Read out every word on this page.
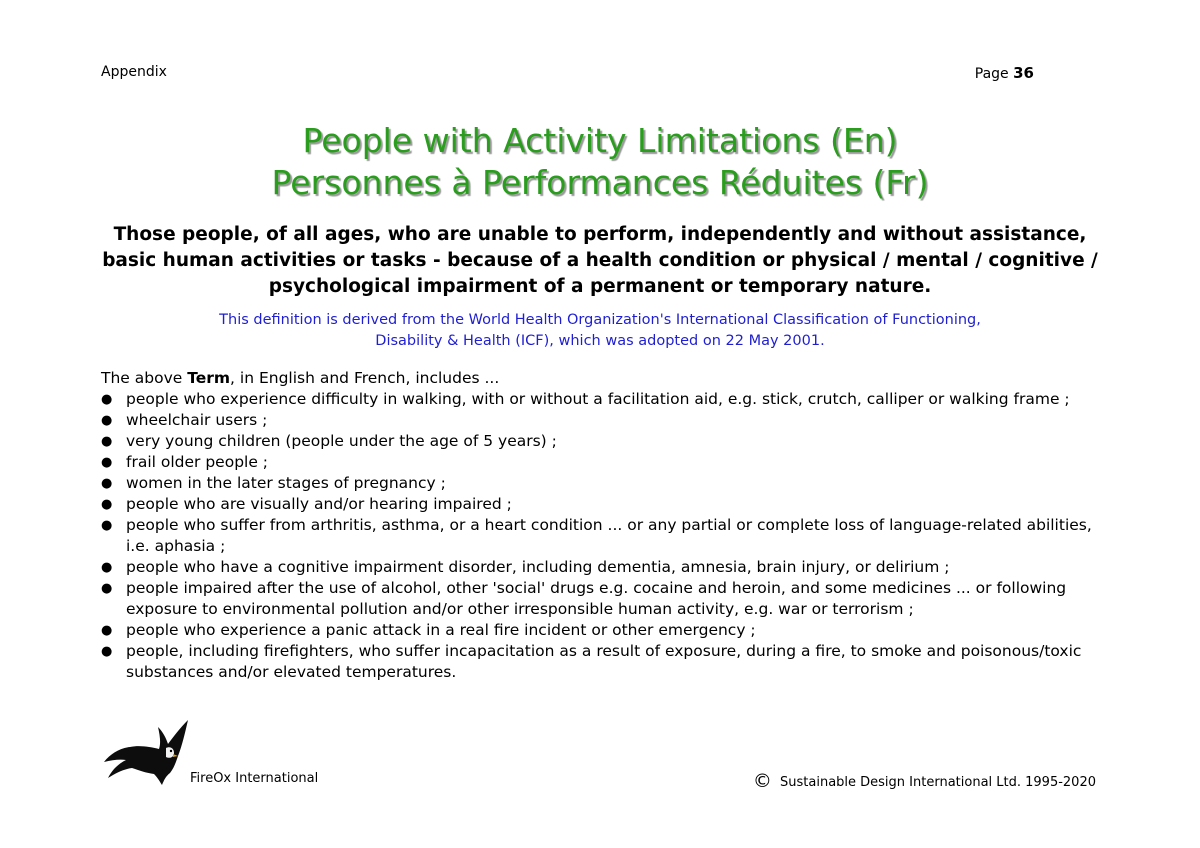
Appendix	Page 36
People with Activity Limitations (En)
Personnes à Performances Réduites (Fr)
Those people, of all ages, who are unable to perform, independently and without assistance, basic human activities or tasks - because of a health condition or physical / mental / cognitive / psychological impairment of a permanent or temporary nature.
This definition is derived from the World Health Organization's International Classification of Functioning,
Disability & Health (ICF), which was adopted on 22 May 2001.
The above Term, in English and French, includes ...
● people who experience difficulty in walking, with or without a facilitation aid, e.g. stick, crutch, calliper or walking frame ;
● wheelchair users ;
● very young children (people under the age of 5 years) ;
● frail older people ;
● women in the later stages of pregnancy ;
● people who are visually and/or hearing impaired ;
● people who suffer from arthritis, asthma, or a heart condition ... or any partial or complete loss of language-related abilities, i.e. aphasia ;
● people who have a cognitive impairment disorder, including dementia, amnesia, brain injury, or delirium ;
● people impaired after the use of alcohol, other 'social' drugs e.g. cocaine and heroin, and some medicines ... or following exposure to environmental pollution and/or other irresponsible human activity, e.g. war or terrorism ;
● people who experience a panic attack in a real fire incident or other emergency ;
● people, including firefighters, who suffer incapacitation as a result of exposure, during a fire, to smoke and poisonous/toxic substances and/or elevated temperatures.
FireOx International	© Sustainable Design International Ltd. 1995-2020
